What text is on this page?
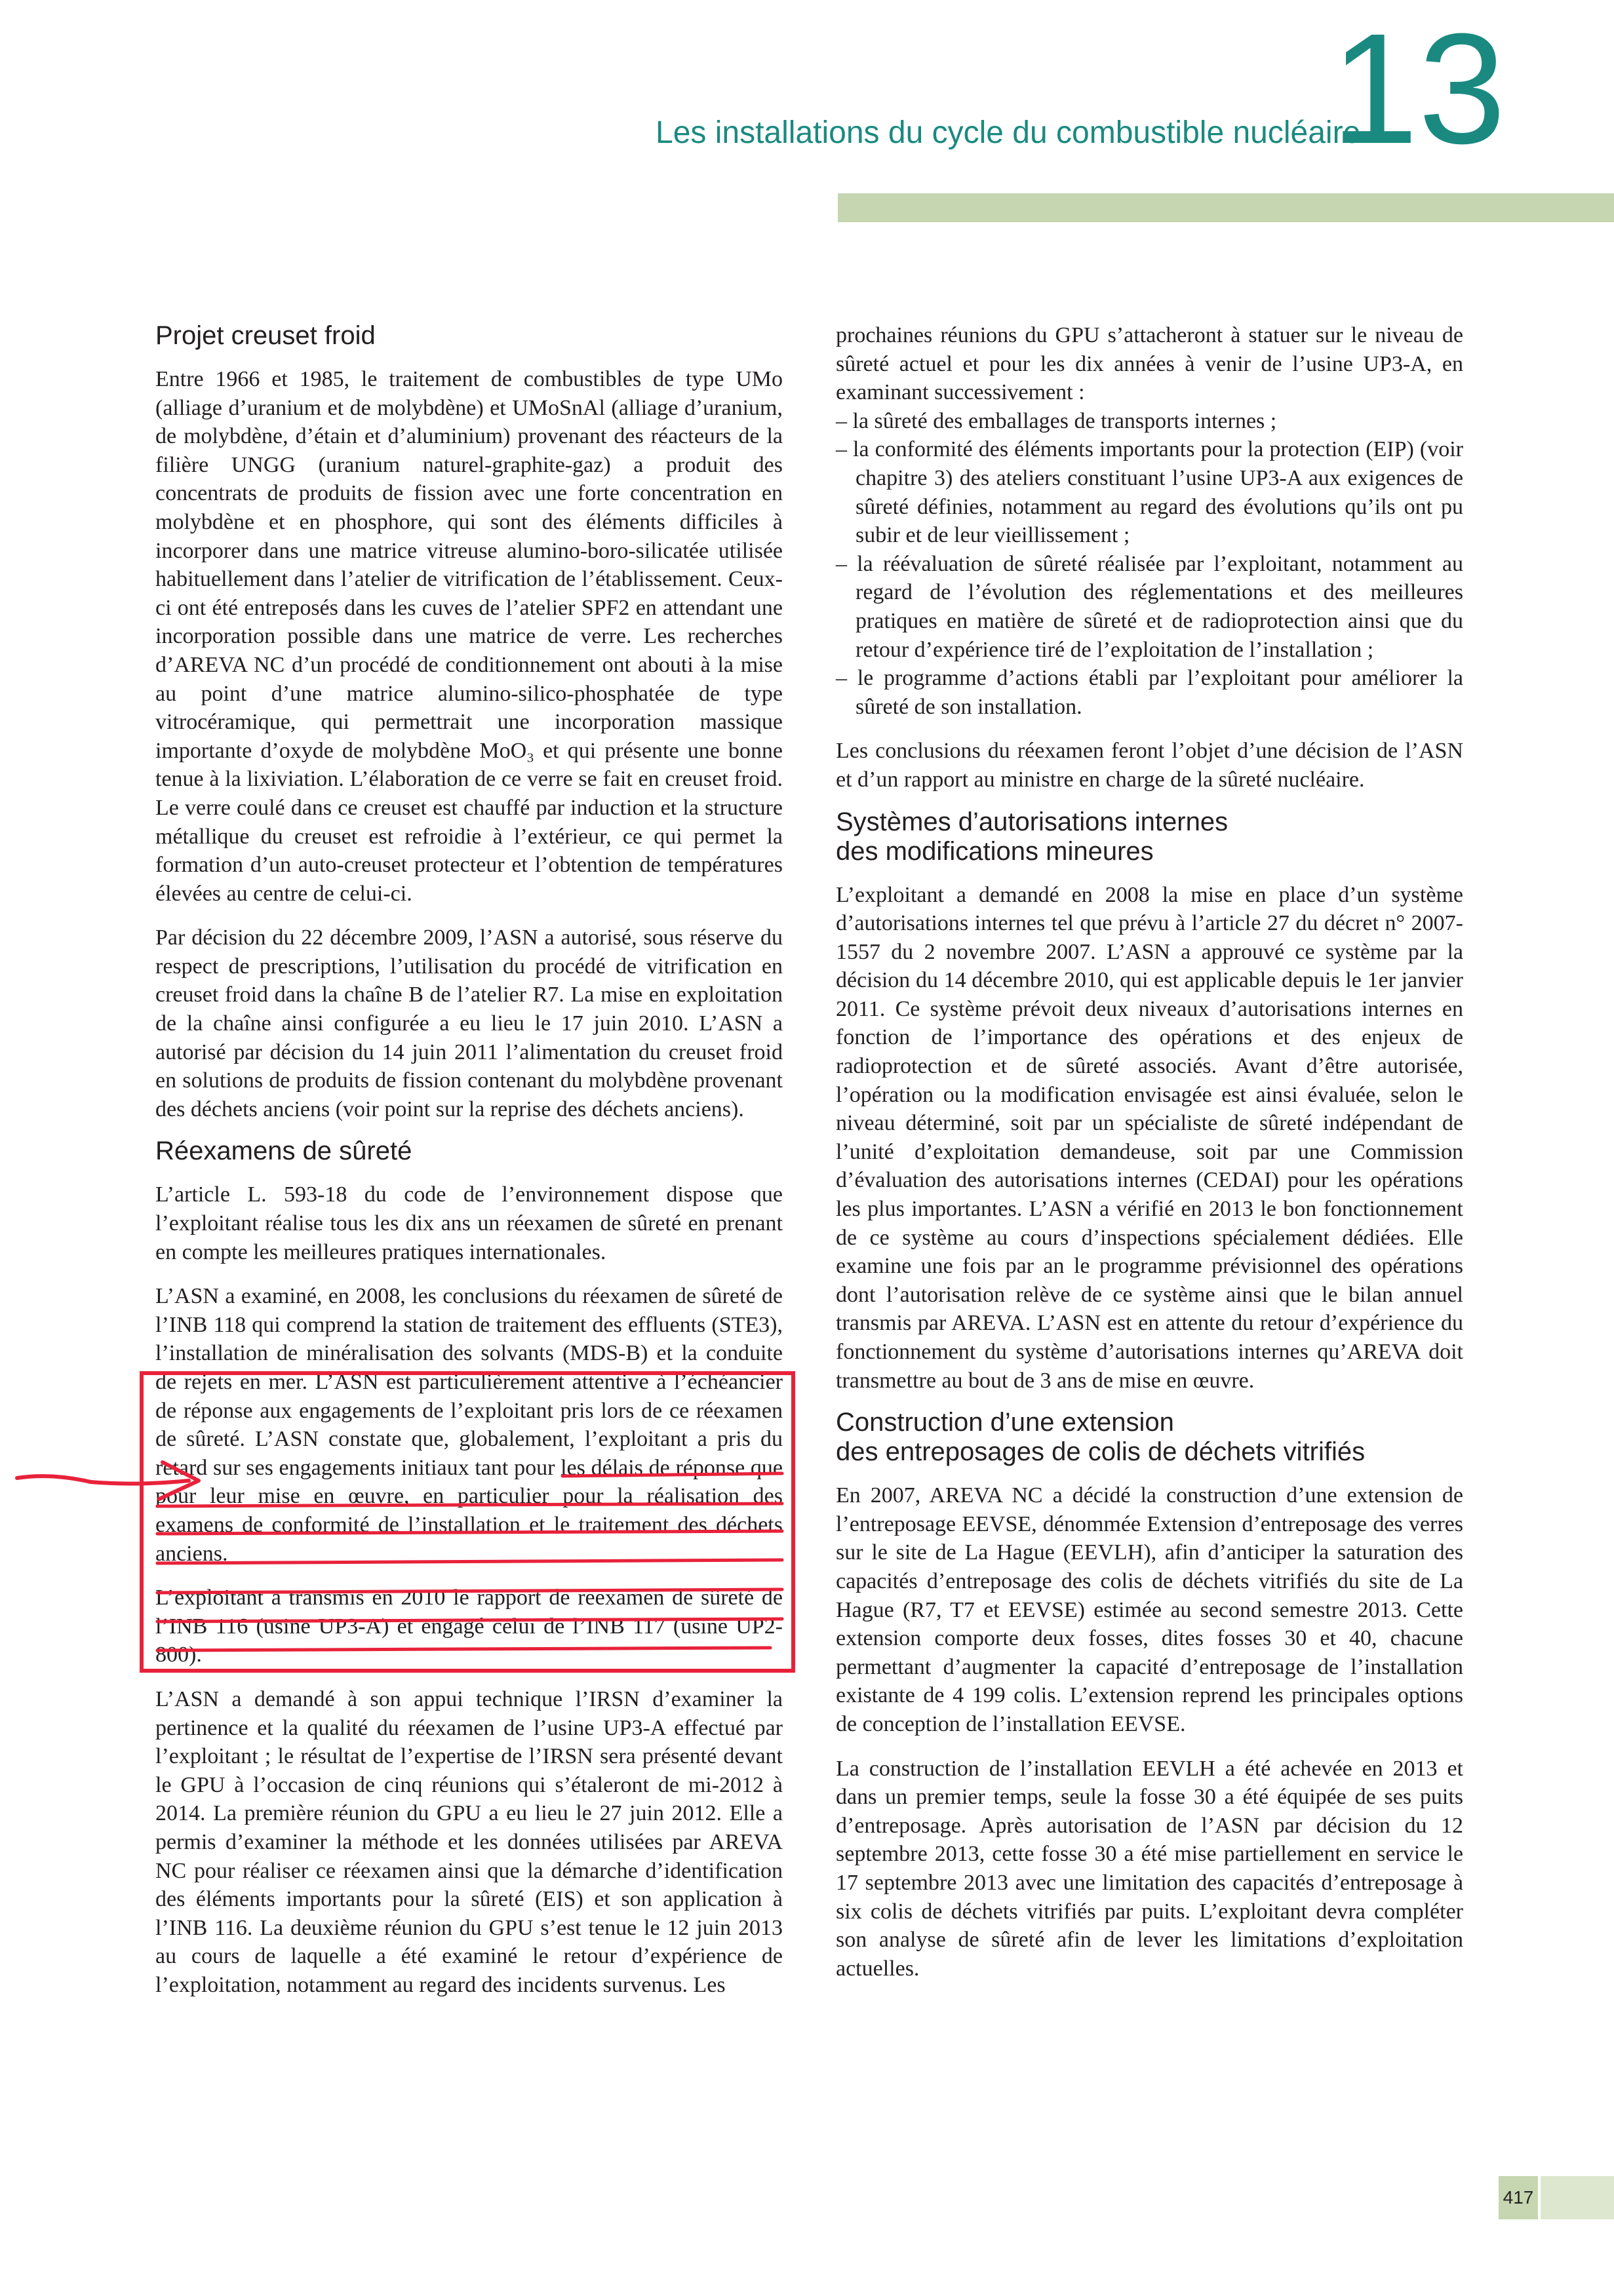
Les installations du cycle du combustible nucléaire
13
Projet creuset froid

Entre 1966 et 1985, le traitement de combustibles de type UMo (alliage d’uranium et de molybdène) et UMoSnAl (alliage d’uranium, de molybdène, d’étain et d’aluminium) provenant des réacteurs de la filière UNGG (uranium naturel-graphite-gaz) a produit des concentrats de produits de fission avec une forte concentration en molybdène et en phosphore, qui sont des éléments difficiles à incorporer dans une matrice vitreuse alumino-boro-silicatée utilisée habituellement dans l’atelier de vitrification de l’établissement. Ceux-ci ont été entreposés dans les cuves de l’atelier SPF2 en attendant une incorporation possible dans une matrice de verre. Les recherches d’AREVA NC d’un procédé de conditionnement ont abouti à la mise au point d’une matrice alumino-silico-phosphatée de type vitrocéramique, qui permettrait une incorporation massique importante d’oxyde de molybdène MoO₃ et qui présente une bonne tenue à la lixiviation. L’élaboration de ce verre se fait en creuset froid. Le verre coulé dans ce creuset est chauffé par induction et la structure métallique du creuset est refroidie à l’extérieur, ce qui permet la formation d’un auto-creuset protecteur et l’obtention de températures élevées au centre de celui-ci.

Par décision du 22 décembre 2009, l’ASN a autorisé, sous réserve du respect de prescriptions, l’utilisation du procédé de vitrification en creuset froid dans la chaîne B de l’atelier R7. La mise en exploitation de la chaîne ainsi configurée a eu lieu le 17 juin 2010. L’ASN a autorisé par décision du 14 juin 2011 l’alimentation du creuset froid en solutions de produits de fission contenant du molybdène provenant des déchets anciens (voir point sur la reprise des déchets anciens).

Réexamens de sûreté

L’article L. 593-18 du code de l’environnement dispose que l’exploitant réalise tous les dix ans un réexamen de sûreté en prenant en compte les meilleures pratiques internationales.

L’ASN a examiné, en 2008, les conclusions du réexamen de sûreté de l’INB 118 qui comprend la station de traitement des effluents (STE3), l’installation de minéralisation des solvants (MDS-B) et la conduite de rejets en mer. L’ASN est particulièrement attentive à l’échéancier de réponse aux engagements de l’exploitant pris lors de ce réexamen de sûreté. L’ASN constate que, globalement, l’exploitant a pris du retard sur ses engagements initiaux tant pour les délais de réponse que pour leur mise en œuvre, en particulier pour la réalisation des examens de conformité de l’installation et le traitement des déchets anciens.

L’exploitant a transmis en 2010 le rapport de réexamen de sûreté de l’INB 116 (usine UP3-A) et engagé celui de l’INB 117 (usine UP2-800).

L’ASN a demandé à son appui technique l’IRSN d’examiner la pertinence et la qualité du réexamen de l’usine UP3-A effectué par l’exploitant ; le résultat de l’expertise de l’IRSN sera présenté devant le GPU à l’occasion de cinq réunions qui s’étaleront de mi-2012 à 2014. La première réunion du GPU a eu lieu le 27 juin 2012. Elle a permis d’examiner la méthode et les données utilisées par AREVA NC pour réaliser ce réexamen ainsi que la démarche d’identification des éléments importants pour la sûreté (EIS) et son application à l’INB 116. La deuxième réunion du GPU s’est tenue le 12 juin 2013 au cours de laquelle a été examiné le retour d’expérience de l’exploitation, notamment au regard des incidents survenus. Les

prochaines réunions du GPU s’attacheront à statuer sur le niveau de sûreté actuel et pour les dix années à venir de l’usine UP3-A, en examinant successivement :

– la sûreté des emballages de transports internes ;
– la conformité des éléments importants pour la protection (EIP) (voir chapitre 3) des ateliers constituant l’usine UP3-A aux exigences de sûreté définies, notamment au regard des évolutions qu’ils ont pu subir et de leur vieillissement ;
– la réévaluation de sûreté réalisée par l’exploitant, notamment au regard de l’évolution des réglementations et des meilleures pratiques en matière de sûreté et de radioprotection ainsi que du retour d’expérience tiré de l’exploitation de l’installation ;
– le programme d’actions établi par l’exploitant pour améliorer la sûreté de son installation.

Les conclusions du réexamen feront l’objet d’une décision de l’ASN et d’un rapport au ministre en charge de la sûreté nucléaire.

Systèmes d’autorisations internes
des modifications mineures

L’exploitant a demandé en 2008 la mise en place d’un système d’autorisations internes tel que prévu à l’article 27 du décret n° 2007-1557 du 2 novembre 2007. L’ASN a approuvé ce système par la décision du 14 décembre 2010, qui est applicable depuis le 1er janvier 2011. Ce système prévoit deux niveaux d’autorisations internes en fonction de l’importance des opérations et des enjeux de radioprotection et de sûreté associés. Avant d’être autorisée, l’opération ou la modification envisagée est ainsi évaluée, selon le niveau déterminé, soit par un spécialiste de sûreté indépendant de l’unité d’exploitation demandeuse, soit par une Commission d’évaluation des autorisations internes (CEDAI) pour les opérations les plus importantes. L’ASN a vérifié en 2013 le bon fonctionnement de ce système au cours d’inspections spécialement dédiées. Elle examine une fois par an le programme prévisionnel des opérations dont l’autorisation relève de ce système ainsi que le bilan annuel transmis par AREVA. L’ASN est en attente du retour d’expérience du fonctionnement du système d’autorisations internes qu’AREVA doit transmettre au bout de 3 ans de mise en œuvre.

Construction d’une extension
des entreposages de colis de déchets vitrifiés

En 2007, AREVA NC a décidé la construction d’une extension de l’entreposage EEVSE, dénommée Extension d’entreposage des verres sur le site de La Hague (EEVLH), afin d’anticiper la saturation des capacités d’entreposage des colis de déchets vitrifiés du site de La Hague (R7, T7 et EEVSE) estimée au second semestre 2013. Cette extension comporte deux fosses, dites fosses 30 et 40, chacune permettant d’augmenter la capacité d’entreposage de l’installation existante de 4 199 colis. L’extension reprend les principales options de conception de l’installation EEVSE.

La construction de l’installation EEVLH a été achevée en 2013 et dans un premier temps, seule la fosse 30 a été équipée de ses puits d’entreposage. Après autorisation de l’ASN par décision du 12 septembre 2013, cette fosse 30 a été mise partiellement en service le 17 septembre 2013 avec une limitation des capacités d’entreposage à six colis de déchets vitrifiés par puits. L’exploitant devra compléter son analyse de sûreté afin de lever les limitations d’exploitation actuelles.

417
